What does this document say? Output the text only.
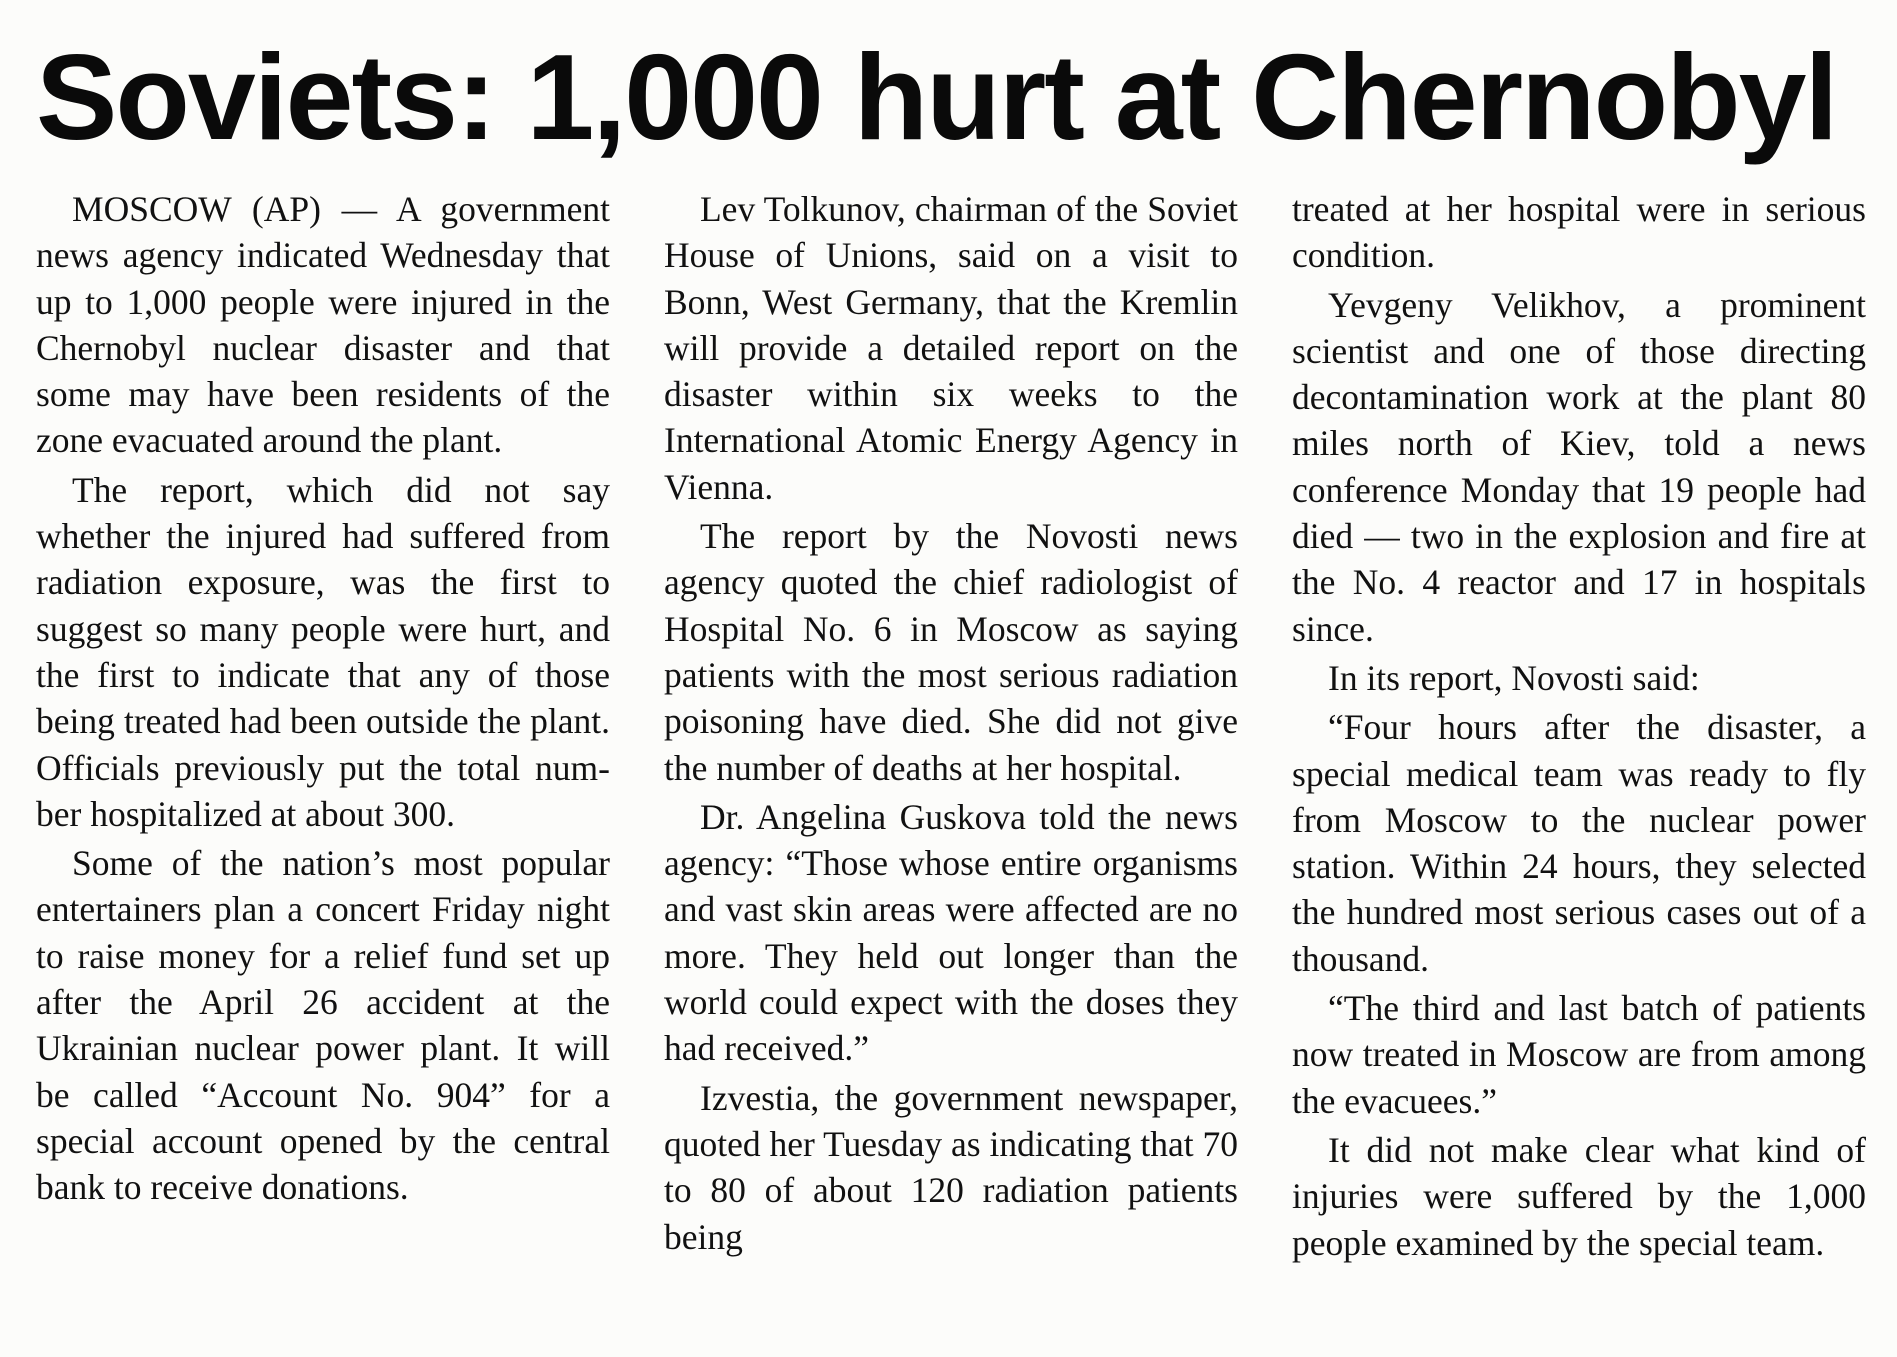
Soviets: 1,000 hurt at Chernobyl

MOSCOW (AP) — A government news agency indicated Wednesday that up to 1,000 people were injured in the Chernobyl nuclear disaster and that some may have been residents of the zone evacuated around the plant.

The report, which did not say whether the injured had suffered from radiation exposure, was the first to suggest so many people were hurt, and the first to indicate that any of those being treated had been outside the plant. Officials previously put the total number hospitalized at about 300.

Some of the nation’s most popular entertainers plan a concert Friday night to raise money for a relief fund set up after the April 26 accident at the Ukrainian nuclear power plant. It will be called “Account No. 904” for a special account opened by the central bank to receive donations.

Lev Tolkunov, chairman of the Soviet House of Unions, said on a visit to Bonn, West Germany, that the Kremlin will provide a detailed report on the disaster within six weeks to the International Atomic Energy Agency in Vienna.

The report by the Novosti news agency quoted the chief radiologist of Hospital No. 6 in Moscow as saying patients with the most serious radiation poisoning have died. She did not give the number of deaths at her hospital.

Dr. Angelina Guskova told the news agency: “Those whose entire organisms and vast skin areas were affected are no more. They held out longer than the world could expect with the doses they had received.”

Izvestia, the government newspaper, quoted her Tuesday as indicating that 70 to 80 of about 120 radiation patients being

treated at her hospital were in serious condition.

Yevgeny Velikhov, a prominent scientist and one of those directing decontamination work at the plant 80 miles north of Kiev, told a news conference Monday that 19 people had died — two in the explosion and fire at the No. 4 reactor and 17 in hospitals since.

In its report, Novosti said:

“Four hours after the disaster, a special medical team was ready to fly from Moscow to the nuclear power station. Within 24 hours, they selected the hundred most serious cases out of a thousand.

“The third and last batch of patients now treated in Moscow are from among the evacuees.”

It did not make clear what kind of injuries were suffered by the 1,000 people examined by the special team.
